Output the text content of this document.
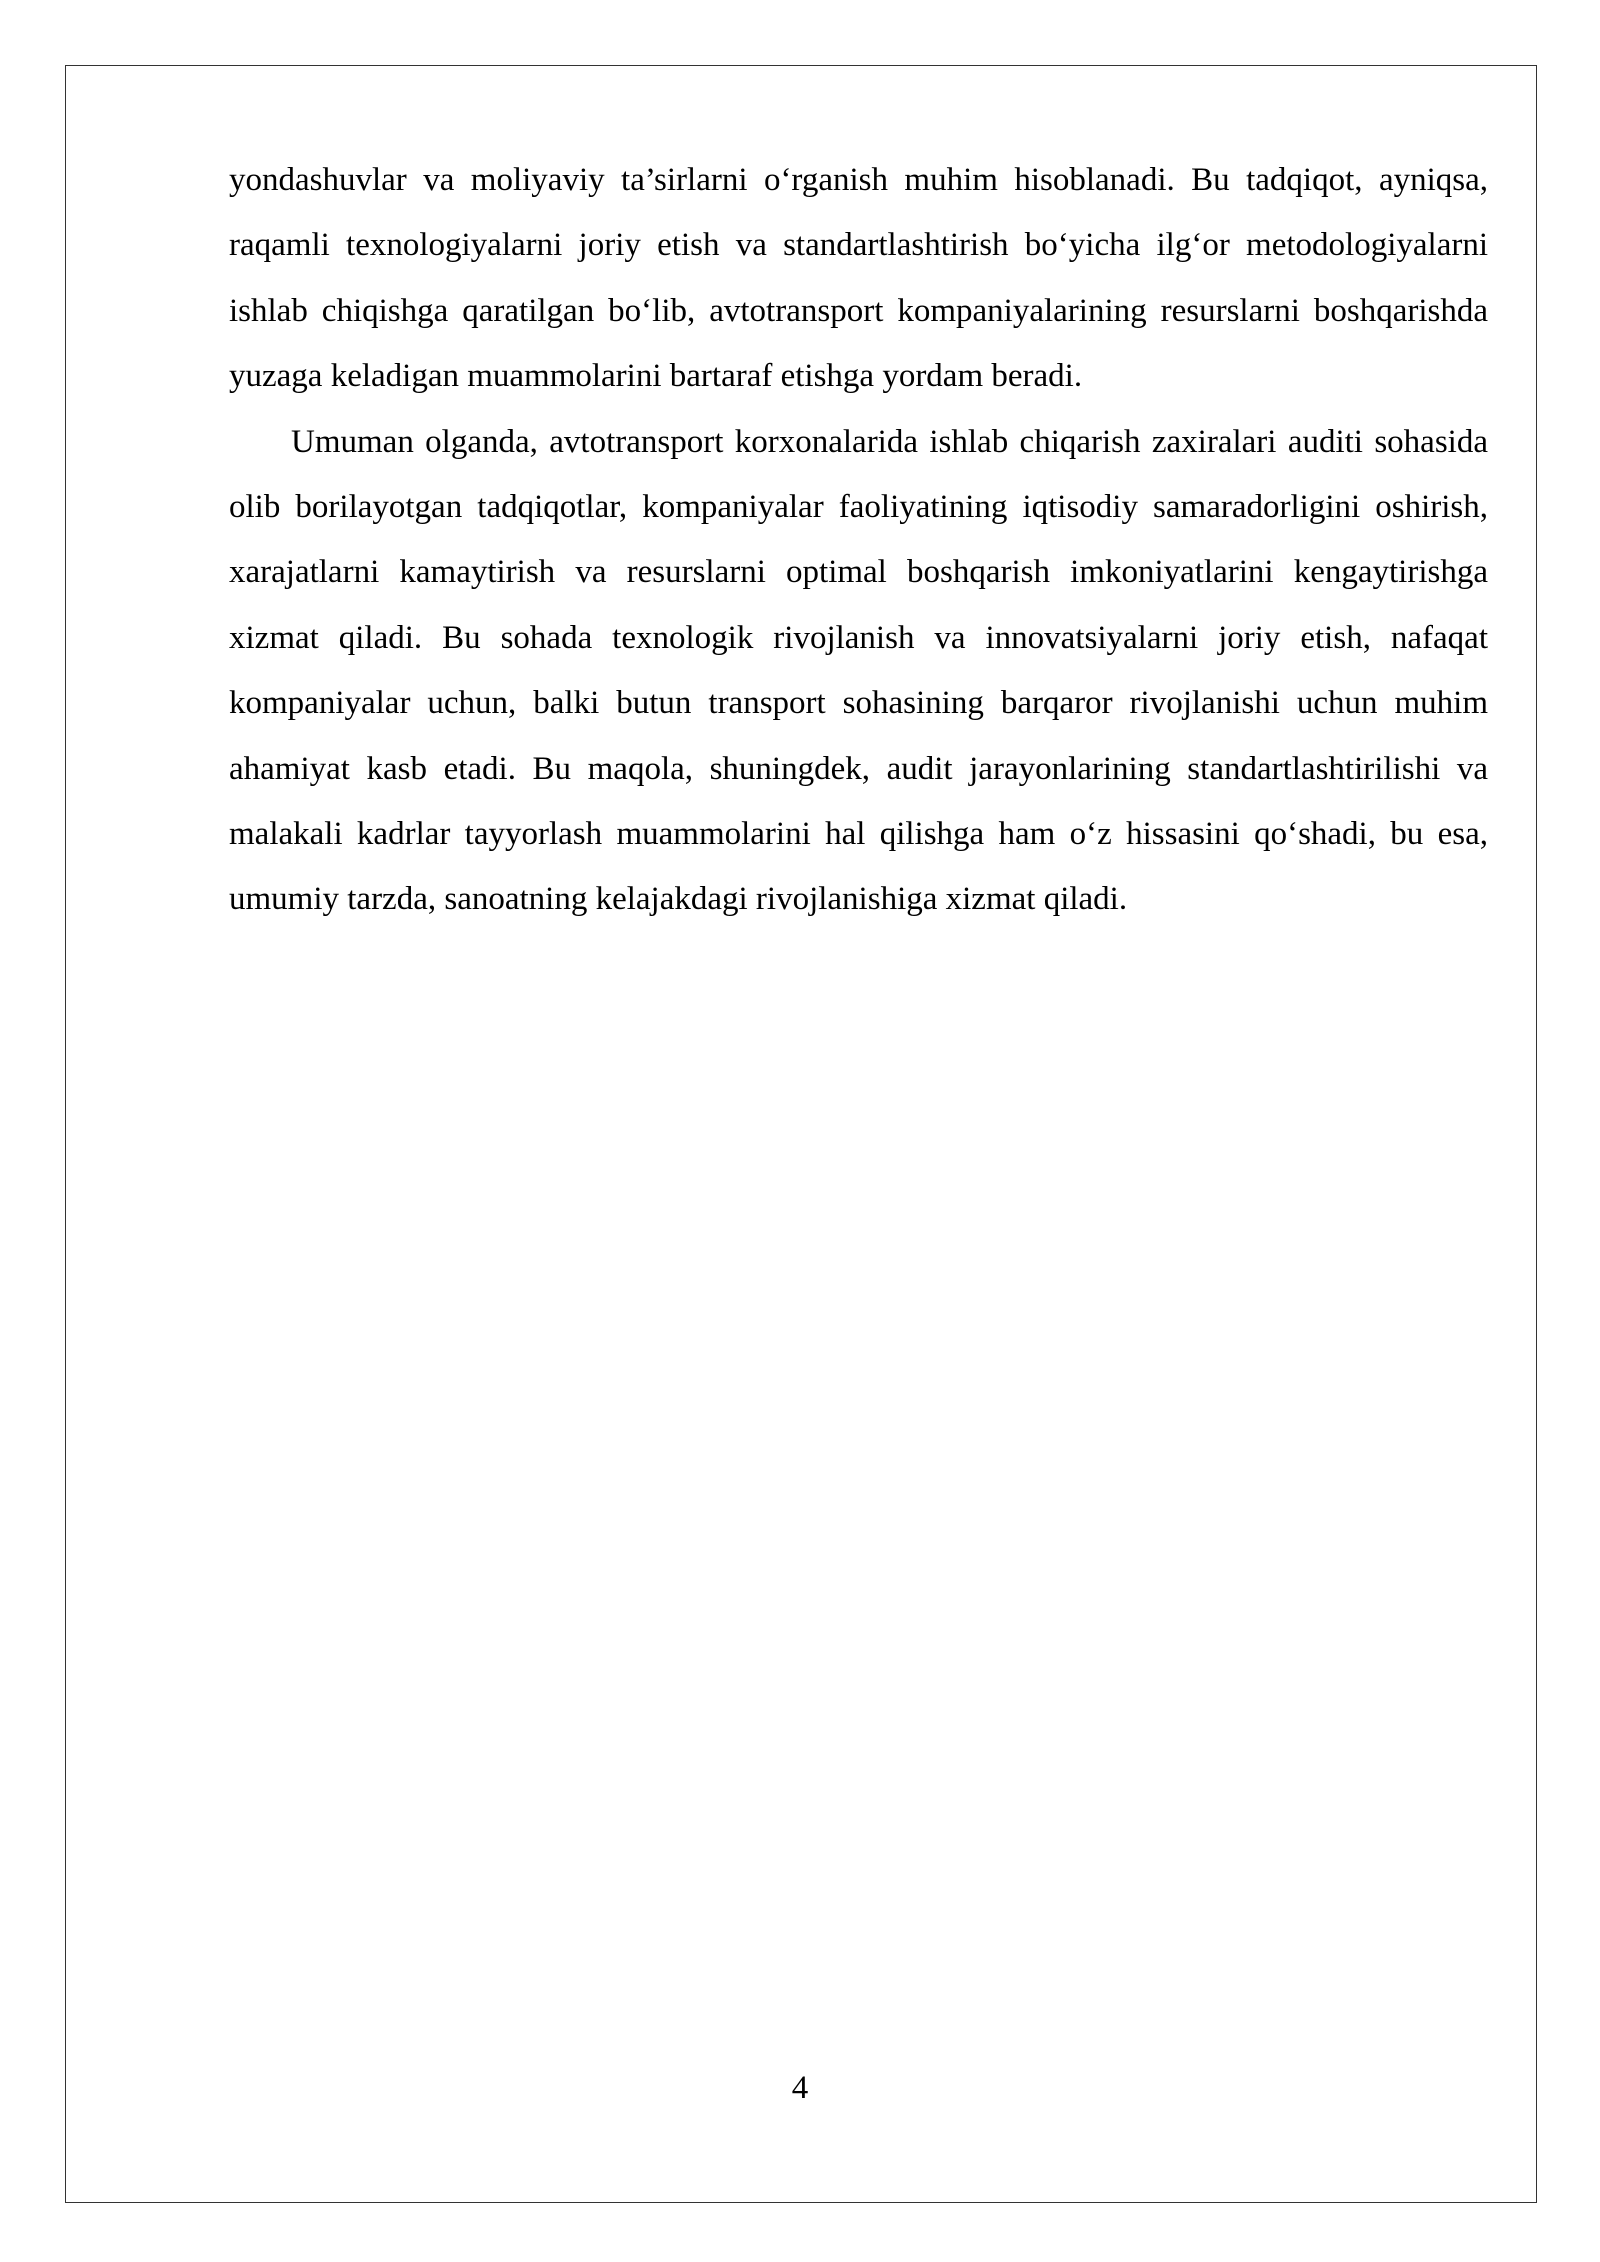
yondashuvlar va moliyaviy ta’sirlarni o‘rganish muhim hisoblanadi. Bu tadqiqot, ayniqsa, raqamli texnologiyalarni joriy etish va standartlashtirish bo‘yicha ilg‘or metodologiyalarni ishlab chiqishga qaratilgan bo‘lib, avtotransport kompaniyalarining resurslarni boshqarishda yuzaga keladigan muammolarini bartaraf etishga yordam beradi.

Umuman olganda, avtotransport korxonalarida ishlab chiqarish zaxiralari auditi sohasida olib borilayotgan tadqiqotlar, kompaniyalar faoliyatining iqtisodiy samaradorligini oshirish, xarajatlarni kamaytirish va resurslarni optimal boshqarish imkoniyatlarini kengaytirishga xizmat qiladi. Bu sohada texnologik rivojlanish va innovatsiyalarni joriy etish, nafaqat kompaniyalar uchun, balki butun transport sohasining barqaror rivojlanishi uchun muhim ahamiyat kasb etadi. Bu maqola, shuningdek, audit jarayonlarining standartlashtirilishi va malakali kadrlar tayyorlash muammolarini hal qilishga ham o‘z hissasini qo‘shadi, bu esa, umumiy tarzda, sanoatning kelajakdagi rivojlanishiga xizmat qiladi.

4
